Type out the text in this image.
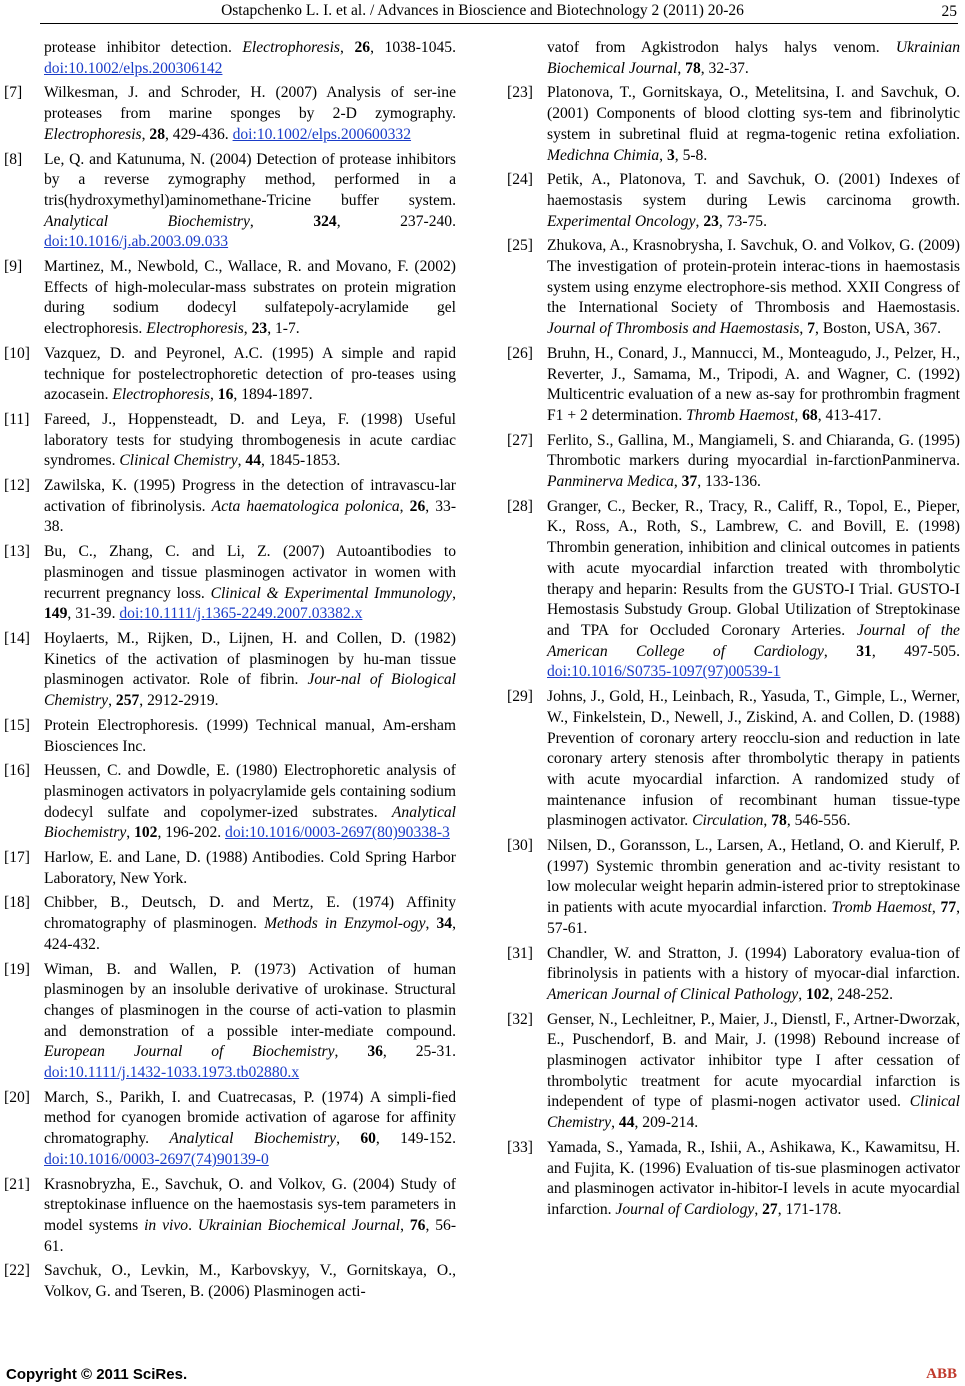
Ostapchenko L. I. et al. / Advances in Bioscience and Biotechnology 2 (2011) 20-26	25
protease inhibitor detection. Electrophoresis, 26, 1038-1045. doi:10.1002/elps.200306142
[7]	Wilkesman, J. and Schroder, H. (2007) Analysis of ser-ine proteases from marine sponges by 2-D zymography. Electrophoresis, 28, 429-436. doi:10.1002/elps.200600332
[8]	Le, Q. and Katunuma, N. (2004) Detection of protease inhibitors by a reverse zymography method, performed in a tris(hydroxymethyl)aminomethane-Tricine buffer system. Analytical Biochemistry, 324, 237-240. doi:10.1016/j.ab.2003.09.033
[9]	Martinez, M., Newbold, C., Wallace, R. and Movano, F. (2002) Effects of high-molecular-mass substrates on protein migration during sodium dodecyl sulfatepoly-acrylamide gel electrophoresis. Electrophoresis, 23, 1-7.
[10] Vazquez, D. and Peyronel, A.C. (1995) A simple and rapid technique for postelectrophoretic detection of pro-teases using azocasein. Electrophoresis, 16, 1894-1897.
[11] Fareed, J., Hoppensteadt, D. and Leya, F. (1998) Useful laboratory tests for studying thrombogenesis in acute cardiac syndromes. Clinical Chemistry, 44, 1845-1853.
[12] Zawilska, K. (1995) Progress in the detection of intravascu-lar activation of fibrinolysis. Acta haematologica polonica, 26, 33-38.
[13] Bu, C., Zhang, C. and Li, Z. (2007) Autoantibodies to plasminogen and tissue plasminogen activator in women with recurrent pregnancy loss. Clinical & Experimental Immunology, 149, 31-39. doi:10.1111/j.1365-2249.2007.03382.x
[14] Hoylaerts, M., Rijken, D., Lijnen, H. and Collen, D. (1982) Kinetics of the activation of plasminogen by hu-man tissue plasminogen activator. Role of fibrin. Jour-nal of Biological Chemistry, 257, 2912-2919.
[15] Protein Electrophoresis. (1999) Technical manual, Am-ersham Biosciences Inc.
[16] Heussen, C. and Dowdle, E. (1980) Electrophoretic analysis of plasminogen activators in polyacrylamide gels containing sodium dodecyl sulfate and copolymer-ized substrates. Analytical Biochemistry, 102, 196-202. doi:10.1016/0003-2697(80)90338-3
[17] Harlow, E. and Lane, D. (1988) Antibodies. Cold Spring Harbor Laboratory, New York.
[18] Chibber, B., Deutsch, D. and Mertz, E. (1974) Affinity chromatography of plasminogen. Methods in Enzymol-ogy, 34, 424-432.
[19] Wiman, B. and Wallen, P. (1973) Activation of human plasminogen by an insoluble derivative of urokinase. Structural changes of plasminogen in the course of acti-vation to plasmin and demonstration of a possible inter-mediate compound. European Journal of Biochemistry, 36, 25-31. doi:10.1111/j.1432-1033.1973.tb02880.x
[20] March, S., Parikh, I. and Cuatrecasas, P. (1974) A simpli-fied method for cyanogen bromide activation of agarose for affinity chromatography. Analytical Biochemistry, 60, 149-152. doi:10.1016/0003-2697(74)90139-0
[21] Krasnobryzha, E., Savchuk, O. and Volkov, G. (2004) Study of streptokinase influence on the haemostasis sys-tem parameters in model systems in vivo. Ukrainian Biochemical Journal, 76, 56-61.
[22] Savchuk, O., Levkin, M., Karbovskyy, V., Gornitskaya, O., Volkov, G. and Tseren, B. (2006) Plasminogen acti-
vatof from Agkistrodon halys halys venom. Ukrainian Biochemical Journal, 78, 32-37.
[23] Platonova, T., Gornitskaya, O., Metelitsina, I. and Savchuk, O. (2001) Components of blood clotting sys-tem and fibrinolytic system in subretinal fluid at regma-togenic retina exfoliation. Medichna Chimia, 3, 5-8.
[24] Petik, A., Platonova, T. and Savchuk, O. (2001) Indexes of haemostasis system during Lewis carcinoma growth. Experimental Oncology, 23, 73-75.
[25] Zhukova, A., Krasnobrysha, I. Savchuk, O. and Volkov, G. (2009) The investigation of protein-protein interac-tions in haemostasis system using enzyme electrophore-sis method. XXII Congress of the International Society of Thrombosis and Haemostasis. Journal of Thrombosis and Haemostasis, 7, Boston, USA, 367.
[26] Bruhn, H., Conard, J., Mannucci, M., Monteagudo, J., Pelzer, H., Reverter, J., Samama, M., Tripodi, A. and Wagner, C. (1992) Multicentric evaluation of a new as-say for prothrombin fragment F1 + 2 determination. Thromb Haemost, 68, 413-417.
[27] Ferlito, S., Gallina, M., Mangiameli, S. and Chiaranda, G. (1995) Thrombotic markers during myocardial in-farctionPanminerva. Panminerva Medica, 37, 133-136.
[28] Granger, C., Becker, R., Tracy, R., Califf, R., Topol, E., Pieper, K., Ross, A., Roth, S., Lambrew, C. and Bovill, E. (1998) Thrombin generation, inhibition and clinical outcomes in patients with acute myocardial infarction treated with thrombolytic therapy and heparin: Results from the GUSTO-I Trial. GUSTO-I Hemostasis Substudy Group. Global Utilization of Streptokinase and TPA for Occluded Coronary Arteries. Journal of the American College of Cardiology, 31, 497-505. doi:10.1016/S0735-1097(97)00539-1
[29] Johns, J., Gold, H., Leinbach, R., Yasuda, T., Gimple, L., Werner, W., Finkelstein, D., Newell, J., Ziskind, A. and Collen, D. (1988) Prevention of coronary artery reocclu-sion and reduction in late coronary artery stenosis after thrombolytic therapy in patients with acute myocardial infarction. A randomized study of maintenance infusion of recombinant human tissue-type plasminogen activator. Circulation, 78, 546-556.
[30] Nilsen, D., Goransson, L., Larsen, A., Hetland, O. and Kierulf, P. (1997) Systemic thrombin generation and ac-tivity resistant to low molecular weight heparin admin-istered prior to streptokinase in patients with acute myocardial infarction. Tromb Haemost, 77, 57-61.
[31] Chandler, W. and Stratton, J. (1994) Laboratory evalua-tion of fibrinolysis in patients with a history of myocar-dial infarction. American Journal of Clinical Pathology, 102, 248-252.
[32] Genser, N., Lechleitner, P., Maier, J., Dienstl, F., Artner-Dworzak, E., Puschendorf, B. and Mair, J. (1998) Rebound increase of plasminogen activator inhibitor type I after cessation of thrombolytic treatment for acute myocardial infarction is independent of type of plasmi-nogen activator used. Clinical Chemistry, 44, 209-214.
[33] Yamada, S., Yamada, R., Ishii, A., Ashikawa, K., Kawamitsu, H. and Fujita, K. (1996) Evaluation of tis-sue plasminogen activator and plasminogen activator in-hibitor-I levels in acute myocardial infarction. Journal of Cardiology, 27, 171-178.
Copyright © 2011 SciRes.	ABB
